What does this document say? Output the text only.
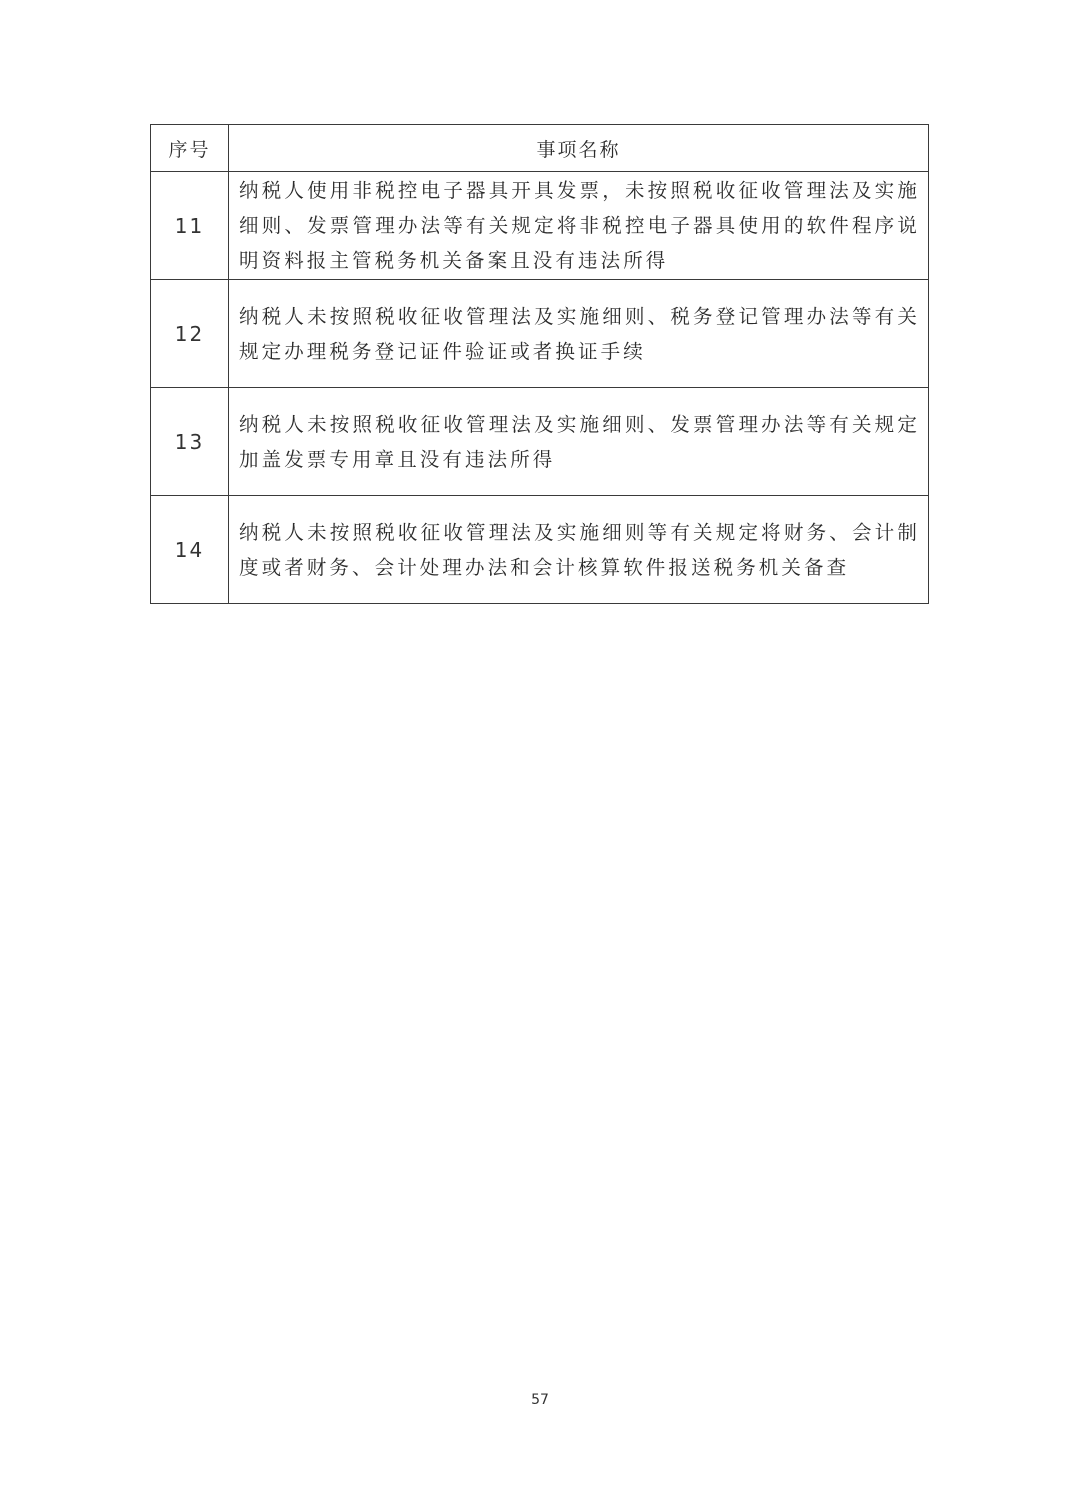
序号	事项名称
11	纳税人使用非税控电子器具开具发票，未按照税收征收管理法及实施细则、发票管理办法等有关规定将非税控电子器具使用的软件程序说明资料报主管税务机关备案且没有违法所得
12	纳税人未按照税收征收管理法及实施细则、税务登记管理办法等有关规定办理税务登记证件验证或者换证手续
13	纳税人未按照税收征收管理法及实施细则、发票管理办法等有关规定加盖发票专用章且没有违法所得
14	纳税人未按照税收征收管理法及实施细则等有关规定将财务、会计制度或者财务、会计处理办法和会计核算软件报送税务机关备查
57
